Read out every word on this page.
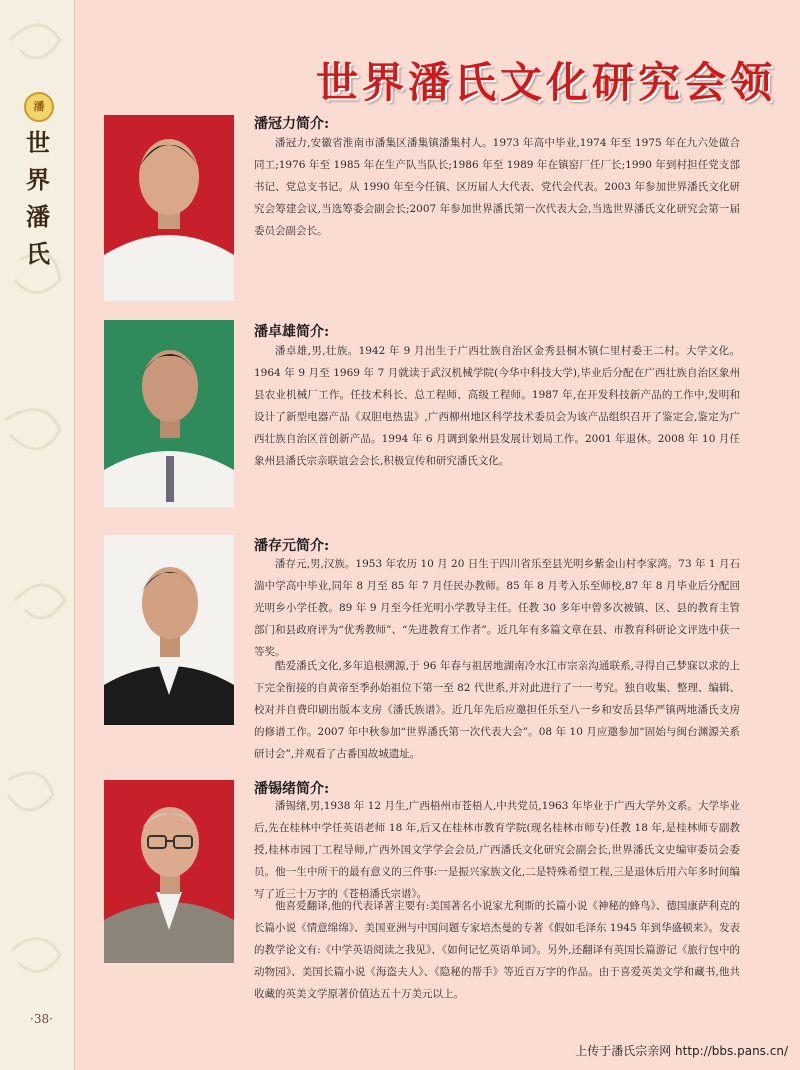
潘
世界潘氏
·38·
世界潘氏文化研究会领
潘冠力简介:

潘冠力,安徽省淮南市潘集区潘集镇潘集村人。1973 年高中毕业,1974 年至 1975 年在九六处做合同工;1976 年至 1985 年在生产队当队长;1986 年至 1989 年在镇窑厂任厂长;1990 年到村担任党支部书记、党总支书记。从 1990 年至今任镇、区历届人大代表、党代会代表。2003 年参加世界潘氏文化研究会筹建会议,当选筹委会副会长;2007 年参加世界潘氏第一次代表大会,当选世界潘氏文化研究会第一届委员会副会长。

潘卓雄简介:

潘卓雄,男,壮族。1942 年 9 月出生于广西壮族自治区金秀县桐木镇仁里村委王二村。大学文化。1964 年 9 月至 1969 年 7 月就读于武汉机械学院(今华中科技大学),毕业后分配在广西壮族自治区象州县农业机械厂工作。任技术科长、总工程师、高级工程师。1987 年,在开发科技新产品的工作中,发明和设计了新型电器产品《双胆电热盅》,广西柳州地区科学技术委员会为该产品组织召开了鉴定会,鉴定为广西壮族自治区首创新产品。1994 年 6 月调到象州县发展计划局工作。2001 年退休。2008 年 10 月任象州县潘氏宗亲联谊会会长,积极宣传和研究潘氏文化。

潘存元简介:

潘存元,男,汉族。1953 年农历 10 月 20 日生于四川省乐至县光明乡紫金山村李家湾。73 年 1 月石湍中学高中毕业,同年 8 月至 85 年 7 月任民办教师。85 年 8 月考入乐至师校,87 年 8 月毕业后分配回光明乡小学任教。89 年 9 月至今任光明小学教导主任。任教 30 多年中曾多次被镇、区、县的教育主管部门和县政府评为“优秀教师”、“先进教育工作者”。近几年有多篇文章在县、市教育科研论文评选中获一等奖。

酷爱潘氏文化,多年追根溯源,于 96 年春与祖居地湖南冷水江市宗亲沟通联系,寻得自己梦寐以求的上下完全衔接的自黄帝至季孙始祖位下第一至 82 代世系,并对此进行了一一考究。独自收集、整理、编辑、校对并自费印刷出版本支房《潘氏族谱》。近几年先后应邀担任乐至八一乡和安岳县华严镇两地潘氏支房的修谱工作。2007 年中秋参加“世界潘氏第一次代表大会”。08 年 10 月应邀参加“固始与闽台渊源关系研讨会”,并观看了古番国故城遗址。

潘锡绪简介:

潘锡绪,男,1938 年 12 月生,广西梧州市苍梧人,中共党员,1963 年毕业于广西大学外文系。大学毕业后,先在桂林中学任英语老师 18 年,后又在桂林市教育学院(现名桂林市师专)任教 18 年,是桂林师专副教授,桂林市园丁工程导师,广西外国文学学会会员,广西潘氏文化研究会副会长,世界潘氏文史编审委员会委员。他一生中所干的最有意义的三件事:一是振兴家族文化,二是特殊希望工程,三是退休后用六年多时间编写了近三十万字的《苍梧潘氏宗谱》。

他喜爱翻译,他的代表译著主要有:美国著名小说家尤利斯的长篇小说《神秘的蜂鸟》、德国康萨利克的长篇小说《情意绵绵》、美国亚洲与中国问题专家培杰曼的专著《假如毛泽东 1945 年到华盛顿来》。发表的教学论文有:《中学英语阅读之我见》、《如何记忆英语单词》。另外,还翻译有英国长篇游记《旅行包中的动物园》、美国长篇小说《海盗夫人》、《隐秘的帮手》等近百万字的作品。由于喜爱英美文学和藏书,他共收藏的英美文学原著价值达五十万美元以上。

上传于潘氏宗亲网 http://bbs.pans.cn/
